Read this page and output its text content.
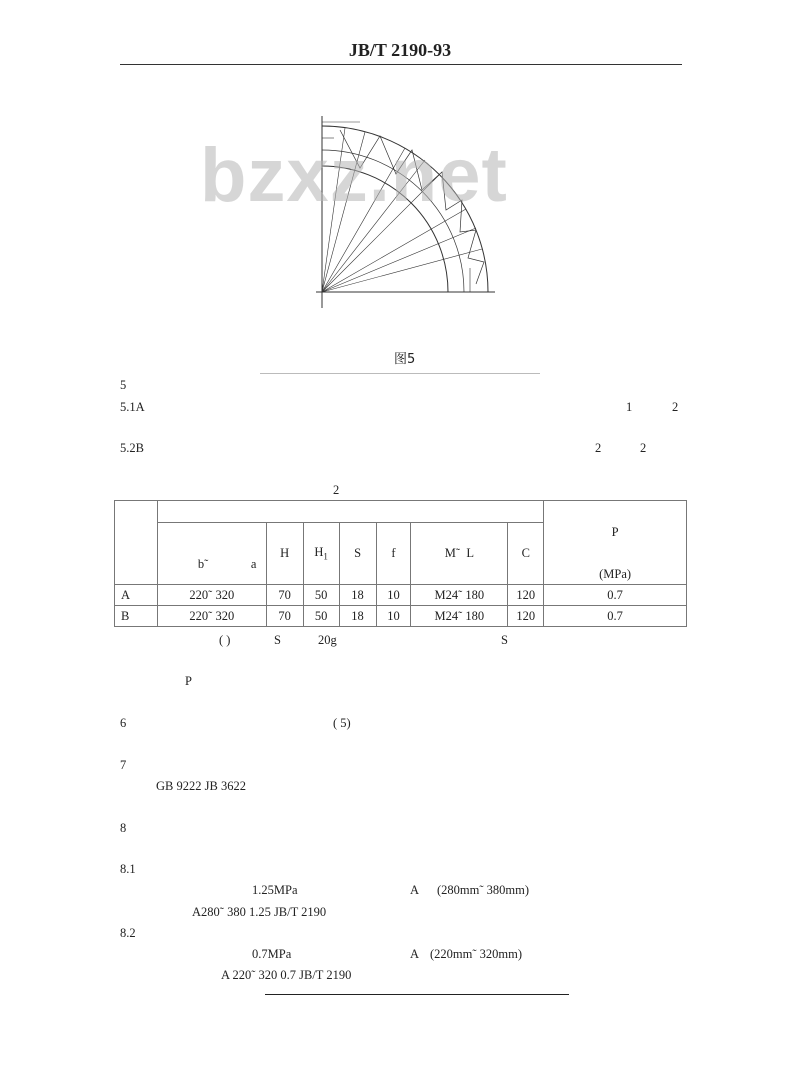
JB/T 2190-93
bzxz.net
图5
5
5.1A	1	2
5.2B	2	2
2

								P
(MPa)

	b˜ a	H	$H_1$	S	f	M˜ L	C	
A	220˜ 320	70	50	18	10	M24˜ 180	120	0.7
B	220˜ 320	70	50	18	10	M24˜ 180	120	0.7
( )	S	20g	S
P
6	( 5)
7
GB 9222 JB 3622
8
8.1
1.25MPa	A (280mm˜ 380mm)
A280˜ 380 1.25 JB/T 2190
8.2
0.7MPa	A (220mm˜ 320mm)
A 220˜ 320 0.7 JB/T 2190
